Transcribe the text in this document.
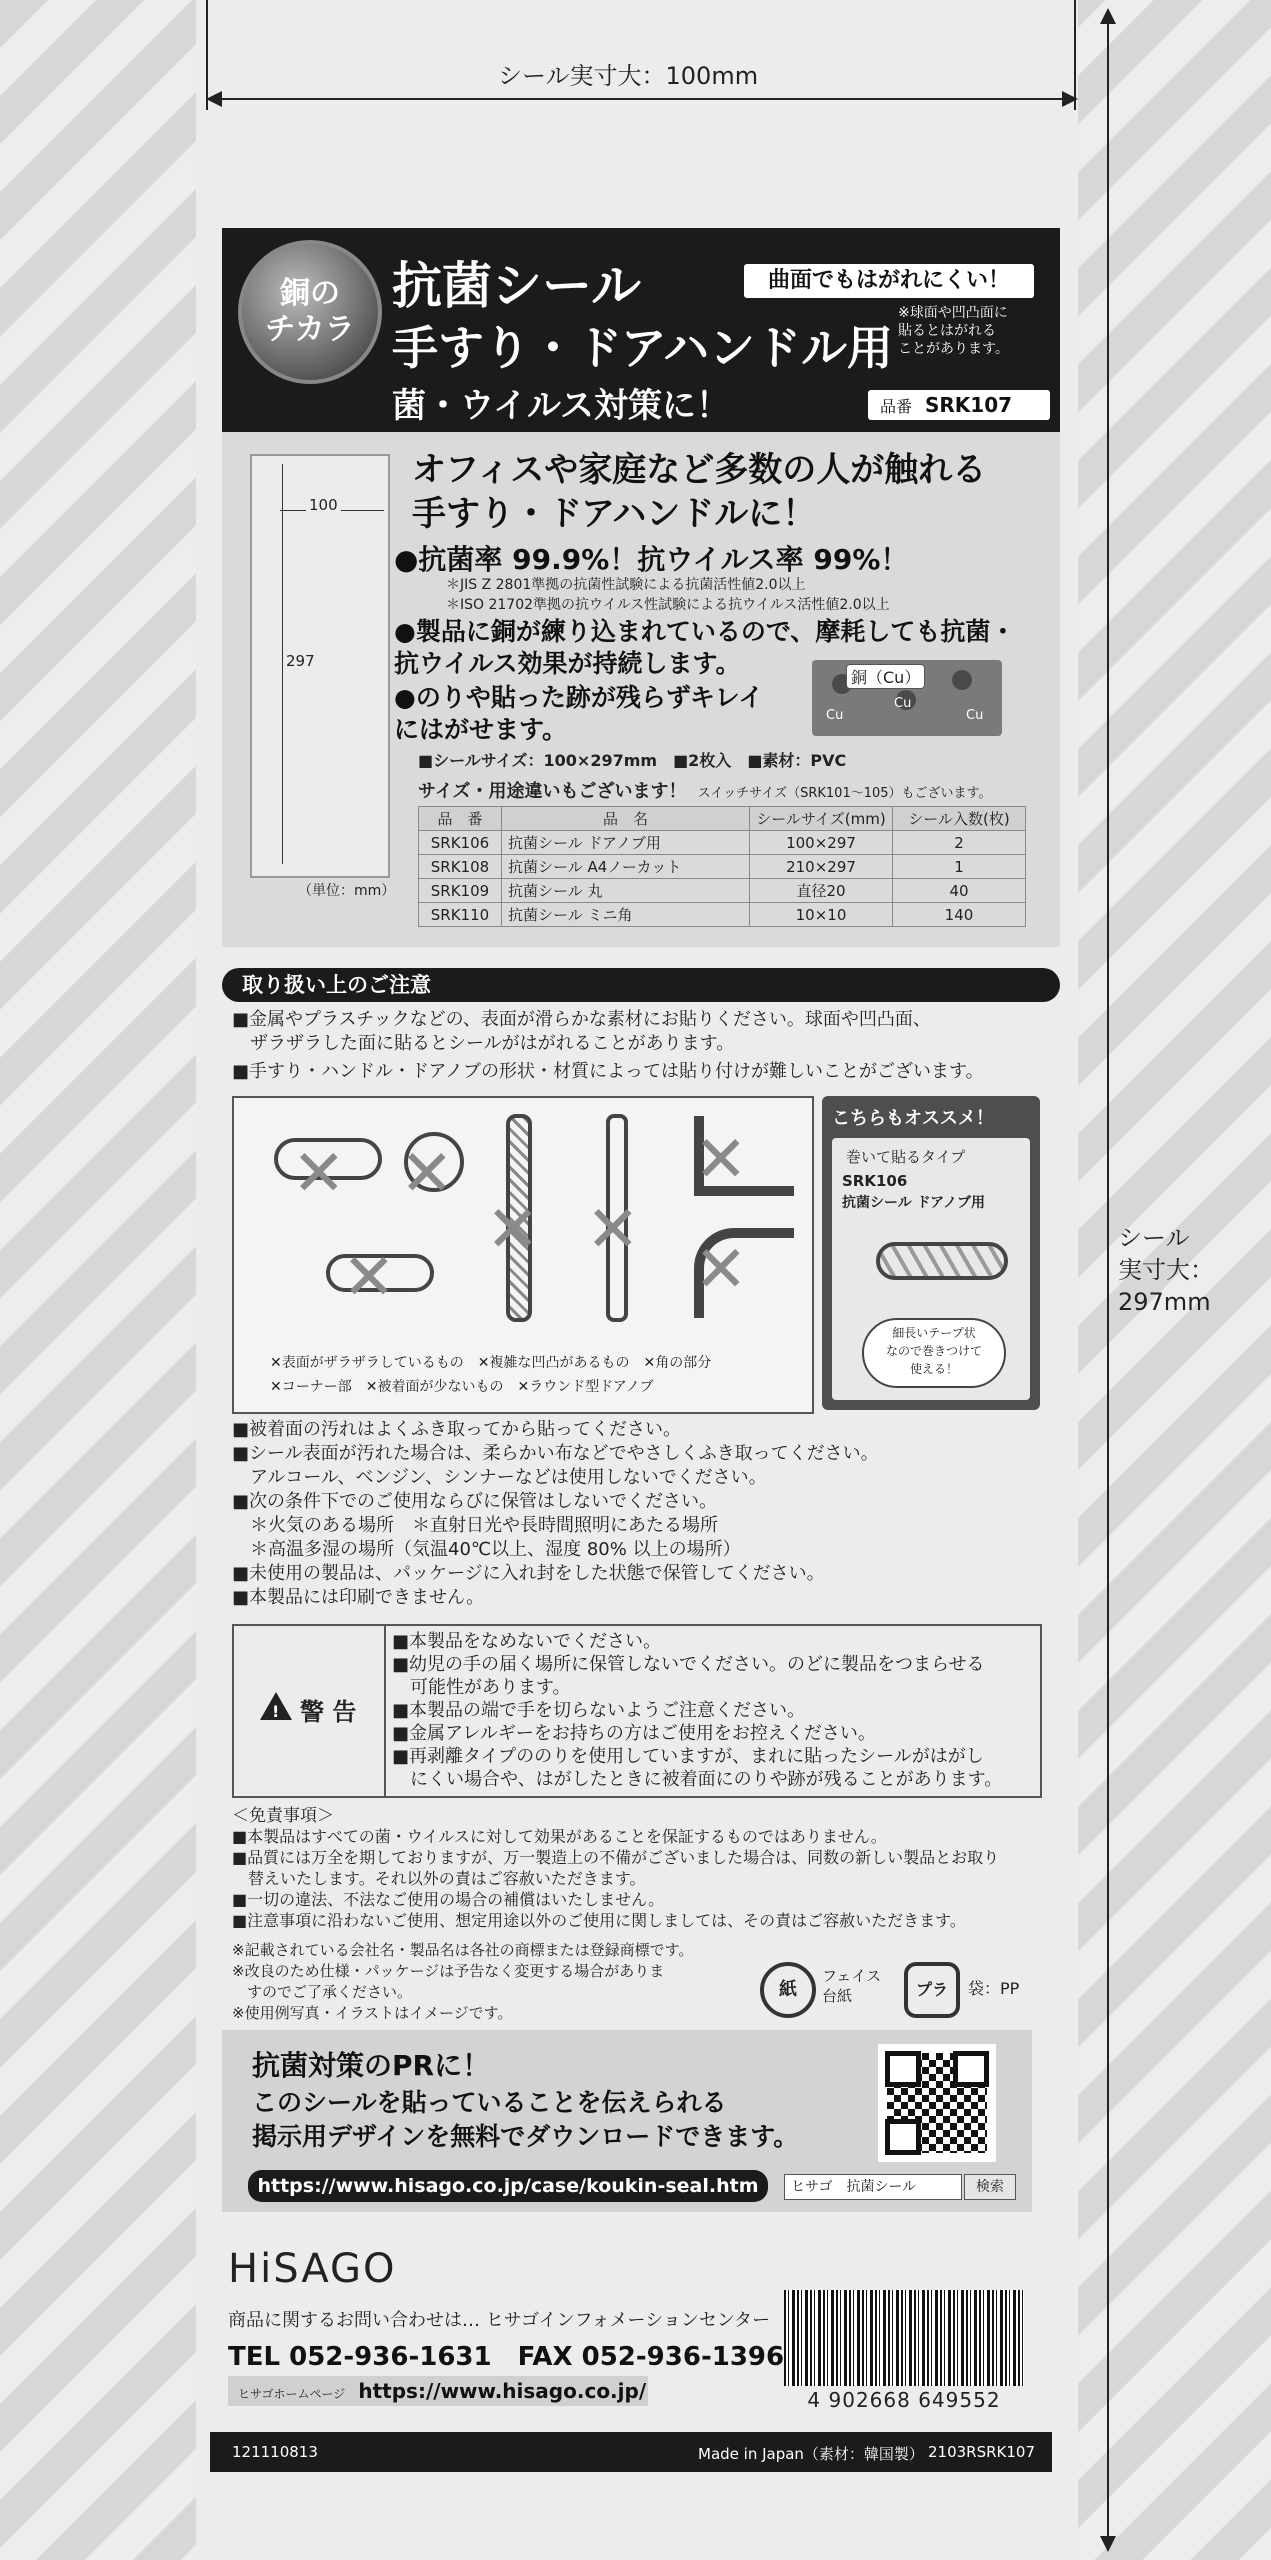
シール実寸大：100mm
シール
実寸大：
297mm
銅の
チカラ
抗菌シール
手すり・ドアハンドル用
菌・ウイルス対策に！
曲面でもはがれにくい！
※球面や凹凸面に
貼るとはがれる
ことがあります。
品番 SRK107
100
297
（単位：mm）
オフィスや家庭など多数の人が触れる
手すり・ドアハンドルに！
●抗菌率 99.9%！抗ウイルス率 99%！
＊JIS Z 2801準拠の抗菌性試験による抗菌活性値2.0以上
＊ISO 21702準拠の抗ウイルス性試験による抗ウイルス活性値2.0以上
●製品に銅が練り込まれているので、摩耗しても抗菌・
抗ウイルス効果が持続します。
●のりや貼った跡が残らずキレイ
にはがせます。	Cu
Cu
Cu
銅（Cu）
■シールサイズ：100×297mm　■2枚入　■素材：PVC
サイズ・用途違いもございます！ スイッチサイズ（SRK101～105）もございます。
品　番	品　名	シールサイズ(mm)	シール入数(枚)
SRK106	抗菌シール ドアノブ用	100×297	2
SRK108	抗菌シール A4ノーカット	210×297	1
SRK109	抗菌シール 丸	直径20	40
SRK110	抗菌シール ミニ角	10×10	140
取り扱い上のご注意
■金属やプラスチックなどの、表面が滑らかな素材にお貼りください。球面や凹凸面、
　ザラザラした面に貼るとシールがはがれることがあります。
■手すり・ハンドル・ドアノブの形状・材質によっては貼り付けが難しいことがございます。
✕ ✕
✕
✕ ✕
✕
✕
✕表面がザラザラしているもの　✕複雑な凹凸があるもの　✕角の部分
✕コーナー部　✕被着面が少ないもの　✕ラウンド型ドアノブ
こちらもオススメ！
巻いて貼るタイプ
SRK106
抗菌シール ドアノブ用
細長いテープ状
なので巻きつけて
使える！
■被着面の汚れはよくふき取ってから貼ってください。
■シール表面が汚れた場合は、柔らかい布などでやさしくふき取ってください。
　アルコール、ベンジン、シンナーなどは使用しないでください。
■次の条件下でのご使用ならびに保管はしないでください。
　＊火気のある場所　＊直射日光や長時間照明にあたる場所
　＊高温多湿の場所（気温40℃以上、湿度 80% 以上の場所）
■未使用の製品は、パッケージに入れ封をした状態で保管してください。
■本製品には印刷できません。
! 警 告
■本製品をなめないでください。
■幼児の手の届く場所に保管しないでください。のどに製品をつまらせる
　可能性があります。
■本製品の端で手を切らないようご注意ください。
■金属アレルギーをお持ちの方はご使用をお控えください。
■再剥離タイプののりを使用していますが、まれに貼ったシールがはがし
　にくい場合や、はがしたときに被着面にのりや跡が残ることがあります。
＜免責事項＞
■本製品はすべての菌・ウイルスに対して効果があることを保証するものではありません。
■品質には万全を期しておりますが、万一製造上の不備がございました場合は、同数の新しい製品とお取り
　替えいたします。それ以外の責はご容赦いただきます。
■一切の違法、不法なご使用の場合の補償はいたしません。
■注意事項に沿わないご使用、想定用途以外のご使用に関しましては、その責はご容赦いただきます。
※記載されている会社名・製品名は各社の商標または登録商標です。
※改良のため仕様・パッケージは予告なく変更する場合がありま
　すのでご了承ください。
※使用例写真・イラストはイメージです。
紙
フェイス
台紙	プラ	袋：PP
抗菌対策のPRに！
このシールを貼っていることを伝えられる
掲示用デザインを無料でダウンロードできます。
https://www.hisago.co.jp/case/koukin-seal.htm	ヒサゴ　抗菌シール	検索
HiSAGO
商品に関するお問い合わせは… ヒサゴインフォメーションセンター
TEL 052-936-1631　FAX 052-936-1396
ヒサゴホームページ https://www.hisago.co.jp/	4 902668 649552
121110813	Made in Japan（素材：韓国製） 2103RSRK107
